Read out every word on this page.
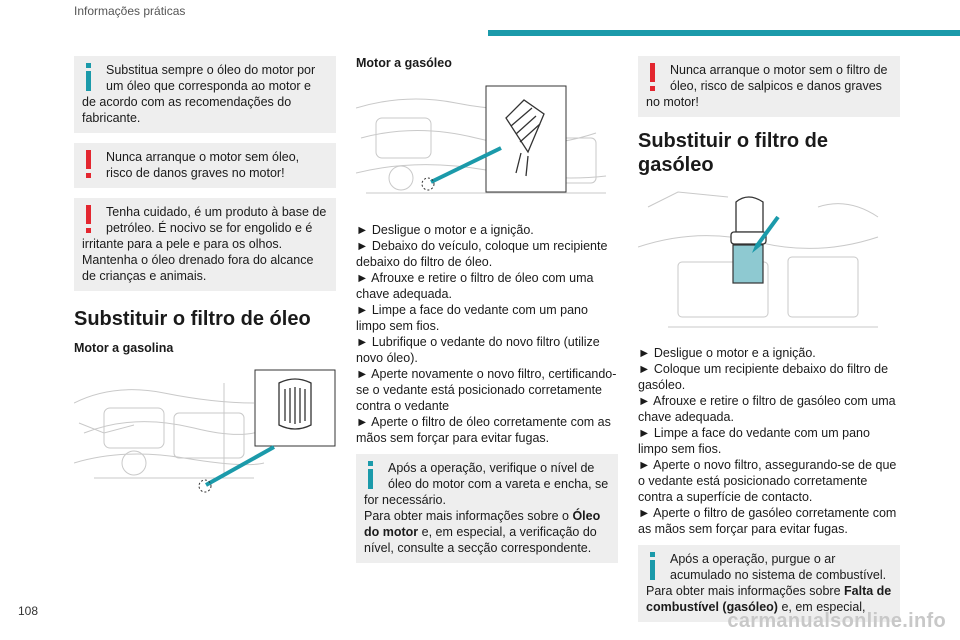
Informações práticas

Substitua sempre o óleo do motor por um óleo que corresponda ao motor e de acordo com as recomendações do fabricante.

Nunca arranque o motor sem óleo, risco de danos graves no motor!

Tenha cuidado, é um produto à base de petróleo. É nocivo se for engolido e é irritante para a pele e para os olhos. Mantenha o óleo drenado fora do alcance de crianças e animais.

Substituir o filtro de óleo
Motor a gasolina
Motor a gasóleo
► Desligue o motor e a ignição.
► Debaixo do veículo, coloque um recipiente debaixo do filtro de óleo.
► Afrouxe e retire o filtro de óleo com uma chave adequada.
► Limpe a face do vedante com um pano limpo sem fios.
► Lubrifique o vedante do novo filtro (utilize novo óleo).
► Aperte novamente o novo filtro, certificando-se o vedante está posicionado corretamente contra o vedante
► Aperte o filtro de óleo corretamente com as mãos sem forçar para evitar fugas.

Após a operação, verifique o nível de óleo do motor com a vareta e encha, se for necessário.

Para obter mais informações sobre o Óleo do motor e, em especial, a verificação do nível, consulte a secção correspondente.

Nunca arranque o motor sem o filtro de óleo, risco de salpicos e danos graves no motor!

Substituir o filtro de gasóleo
► Desligue o motor e a ignição.
► Coloque um recipiente debaixo do filtro de gasóleo.
► Afrouxe e retire o filtro de gasóleo com uma chave adequada.
► Limpe a face do vedante com um pano limpo sem fios.
► Aperte o novo filtro, assegurando-se de que o vedante está posicionado corretamente contra a superfície de contacto.
► Aperte o filtro de gasóleo corretamente com as mãos sem forçar para evitar fugas.

Após a operação, purgue o ar acumulado no sistema de combustível.

Para obter mais informações sobre Falta de combustível (gasóleo) e, em especial,

108	carmanualsonline.info
